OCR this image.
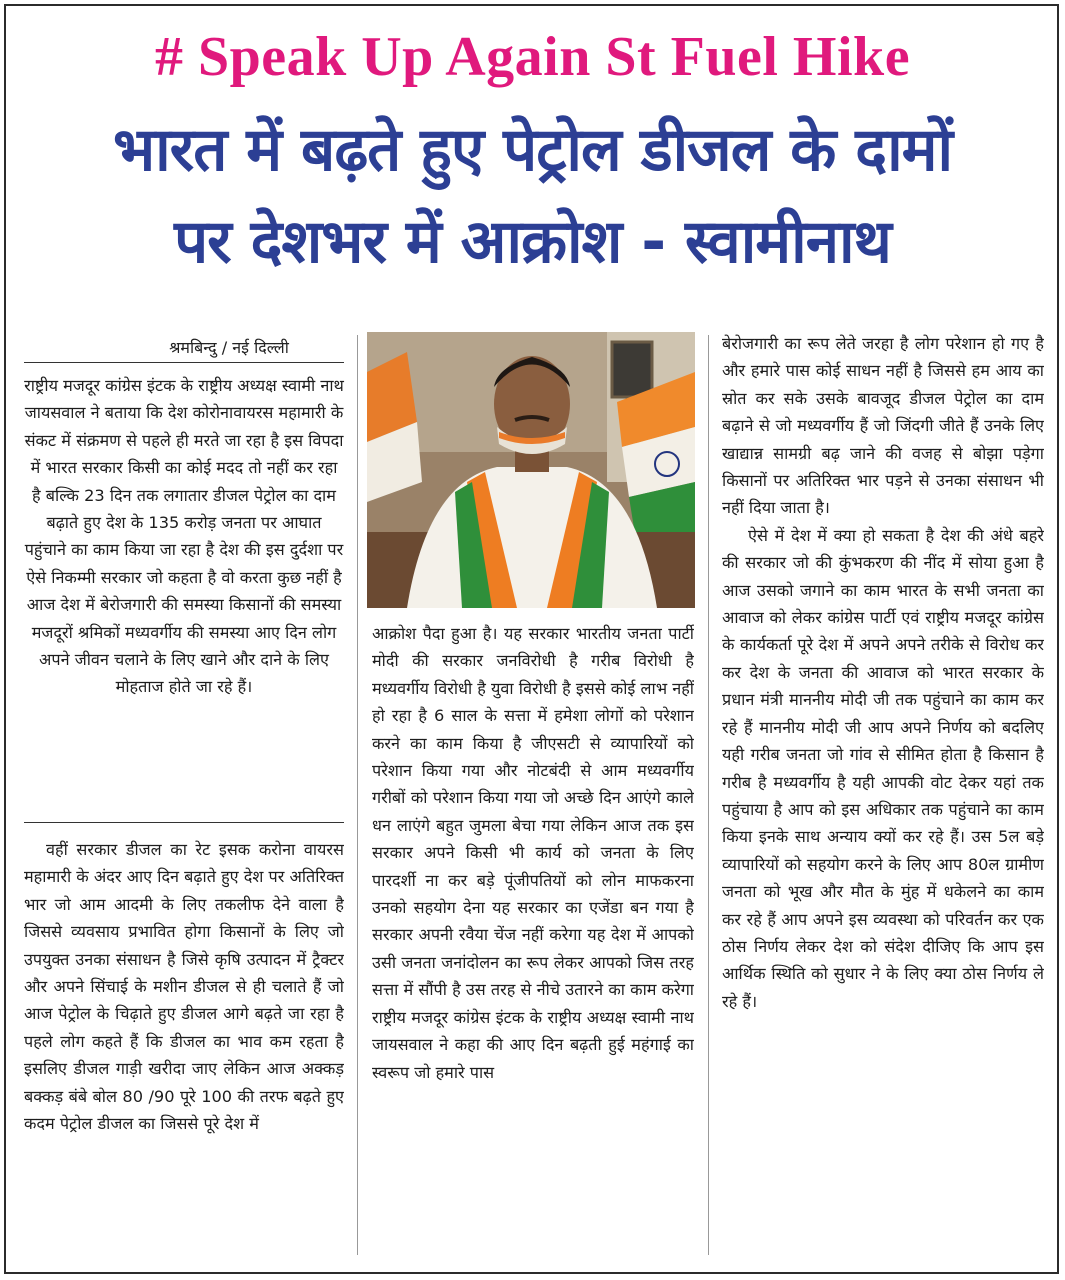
# Speak Up Again St Fuel Hike
भारत में बढ़ते हुए पेट्रोल डीजल के दामों
पर देशभर में आक्रोश - स्वामीनाथ
श्रमबिन्दु / नई दिल्ली

राष्ट्रीय मजदूर कांग्रेस इंटक के राष्ट्रीय अध्यक्ष स्वामी नाथ जायसवाल ने बताया कि देश कोरोनावायरस महामारी के संकट में संक्रमण से पहले ही मरते जा रहा है इस विपदा में भारत सरकार किसी का कोई मदद तो नहीं कर रहा है बल्कि 23 दिन तक लगातार डीजल पेट्रोल का दाम बढ़ाते हुए देश के 135 करोड़ जनता पर आघात पहुंचाने का काम किया जा रहा है देश की इस दुर्दशा पर ऐसे निकम्मी सरकार जो कहता है वो करता कुछ नहीं है आज देश में बेरोजगारी की समस्या किसानों की समस्या मजदूरों श्रमिकों मध्यवर्गीय की समस्या आए दिन लोग अपने जीवन चलाने के लिए खाने और दाने के लिए मोहताज होते जा रहे हैं।

वहीं सरकार डीजल का रेट इसक करोना वायरस महामारी के अंदर आए दिन बढ़ाते हुए देश पर अतिरिक्त भार जो आम आदमी के लिए तकलीफ देने वाला है जिससे व्यवसाय प्रभावित होगा किसानों के लिए जो उपयुक्त उनका संसाधन है जिसे कृषि उत्पादन में ट्रैक्टर और अपने सिंचाई के मशीन डीजल से ही चलाते हैं जो आज पेट्रोल के चिढ़ाते हुए डीजल आगे बढ़ते जा रहा है पहले लोग कहते हैं कि डीजल का भाव कम रहता है इसलिए डीजल गाड़ी खरीदा जाए लेकिन आज अक्कड़ बक्कड़ बंबे बोल 80 /90 पूरे 100 की तरफ बढ़ते हुए कदम पेट्रोल डीजल का जिससे पूरे देश में

आक्रोश पैदा हुआ है। यह सरकार भारतीय जनता पार्टी मोदी की सरकार जनविरोधी है गरीब विरोधी है मध्यवर्गीय विरोधी है युवा विरोधी है इससे कोई लाभ नहीं हो रहा है 6 साल के सत्ता में हमेशा लोगों को परेशान करने का काम किया है जीएसटी से व्यापारियों को परेशान किया गया और नोटबंदी से आम मध्यवर्गीय गरीबों को परेशान किया गया जो अच्छे दिन आएंगे काले धन लाएंगे बहुत जुमला बेचा गया लेकिन आज तक इस सरकार अपने किसी भी कार्य को जनता के लिए पारदर्शी ना कर बड़े पूंजीपतियों को लोन माफकरना उनको सहयोग देना यह सरकार का एजेंडा बन गया है सरकार अपनी रवैया चेंज नहीं करेगा यह देश में आपको उसी जनता जनांदोलन का रूप लेकर आपको जिस तरह सत्ता में सौंपी है उस तरह से नीचे उतारने का काम करेगा राष्ट्रीय मजदूर कांग्रेस इंटक के राष्ट्रीय अध्यक्ष स्वामी नाथ जायसवाल ने कहा की आए दिन बढ़ती हुई महंगाई का स्वरूप जो हमारे पास

बेरोजगारी का रूप लेते जरहा है लोग परेशान हो गए है और हमारे पास कोई साधन नहीं है जिससे हम आय का स्रोत कर सके उसके बावजूद डीजल पेट्रोल का दाम बढ़ाने से जो मध्यवर्गीय हैं जो जिंदगी जीते हैं उनके लिए खाद्यान्न सामग्री बढ़ जाने की वजह से बोझा पड़ेगा किसानों पर अतिरिक्त भार पड़ने से उनका संसाधन भी नहीं दिया जाता है।

ऐसे में देश में क्या हो सकता है देश की अंधे बहरे की सरकार जो की कुंभकरण की नींद में सोया हुआ है आज उसको जगाने का काम भारत के सभी जनता का आवाज को लेकर कांग्रेस पार्टी एवं राष्ट्रीय मजदूर कांग्रेस के कार्यकर्ता पूरे देश में अपने अपने तरीके से विरोध कर कर देश के जनता की आवाज को भारत सरकार के प्रधान मंत्री माननीय मोदी जी तक पहुंचाने का काम कर रहे हैं माननीय मोदी जी आप अपने निर्णय को बदलिए यही गरीब जनता जो गांव से सीमित होता है किसान है गरीब है मध्यवर्गीय है यही आपकी वोट देकर यहां तक पहुंचाया है आप को इस अधिकार तक पहुंचाने का काम किया इनके साथ अन्याय क्यों कर रहे हैं। उस 5ल बड़े व्यापारियों को सहयोग करने के लिए आप 80ल ग्रामीण जनता को भूख और मौत के मुंह में धकेलने का काम कर रहे हैं आप अपने इस व्यवस्था को परिवर्तन कर एक ठोस निर्णय लेकर देश को संदेश दीजिए कि आप इस आर्थिक स्थिति को सुधार ने के लिए क्या ठोस निर्णय ले रहे हैं।
